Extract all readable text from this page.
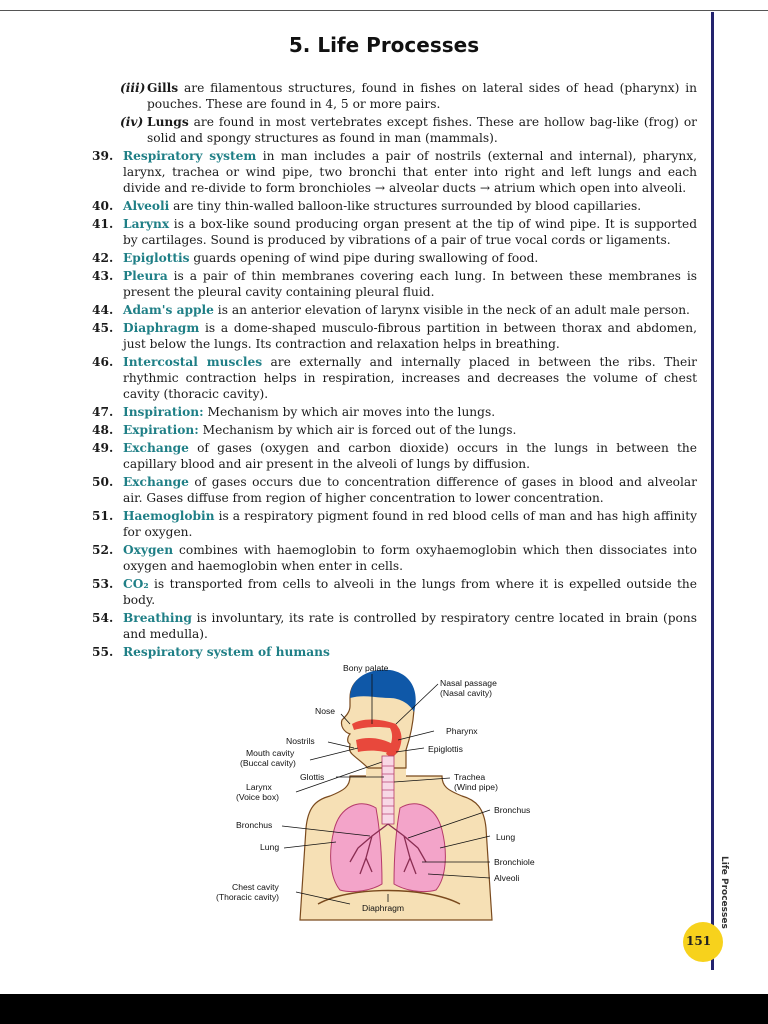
5. Life Processes
(iii) Gills are filamentous structures, found in fishes on lateral sides of head (pharynx) in pouches. These are found in 4, 5 or more pairs.
(iv) Lungs are found in most vertebrates except fishes. These are hollow bag-like (frog) or solid and spongy structures as found in man (mammals).
39. Respiratory system in man includes a pair of nostrils (external and internal), pharynx, larynx, trachea or wind pipe, two bronchi that enter into right and left lungs and each divide and re-divide to form bronchioles → alveolar ducts → atrium which open into alveoli.
40. Alveoli are tiny thin-walled balloon-like structures surrounded by blood capillaries.
41. Larynx is a box-like sound producing organ present at the tip of wind pipe. It is supported by cartilages. Sound is produced by vibrations of a pair of true vocal cords or ligaments.
42. Epiglottis guards opening of wind pipe during swallowing of food.
43. Pleura is a pair of thin membranes covering each lung. In between these membranes is present the pleural cavity containing pleural fluid.
44. Adam's apple is an anterior elevation of larynx visible in the neck of an adult male person.
45. Diaphragm is a dome-shaped musculo-fibrous partition in between thorax and abdomen, just below the lungs. Its contraction and relaxation helps in breathing.
46. Intercostal muscles are externally and internally placed in between the ribs. Their rhythmic contraction helps in respiration, increases and decreases the volume of chest cavity (thoracic cavity).
47. Inspiration: Mechanism by which air moves into the lungs.
48. Expiration: Mechanism by which air is forced out of the lungs.
49. Exchange of gases (oxygen and carbon dioxide) occurs in the lungs in between the capillary blood and air present in the alveoli of lungs by diffusion.
50. Exchange of gases occurs due to concentration difference of gases in blood and alveolar air. Gases diffuse from region of higher concentration to lower concentration.
51. Haemoglobin is a respiratory pigment found in red blood cells of man and has high affinity for oxygen.
52. Oxygen combines with haemoglobin to form oxyhaemoglobin which then dissociates into oxygen and haemoglobin when enter in cells.
53. CO₂ is transported from cells to alveoli in the lungs from where it is expelled outside the body.
54. Breathing is involuntary, its rate is controlled by respiratory centre located in brain (pons and medulla).
55. Respiratory system of humans
Bony palate
Nasal passage
(Nasal cavity)
Nose
Pharynx
Nostrils
Epiglottis
Mouth cavity
(Buccal cavity)
Glottis	Trachea
(Wind pipe)
Larynx
(Voice box)
Bronchus
Bronchus
Lung
Lung
Bronchiole
Alveoli
Chest cavity
(Thoracic cavity)
Diaphragm	Life Processes
151
